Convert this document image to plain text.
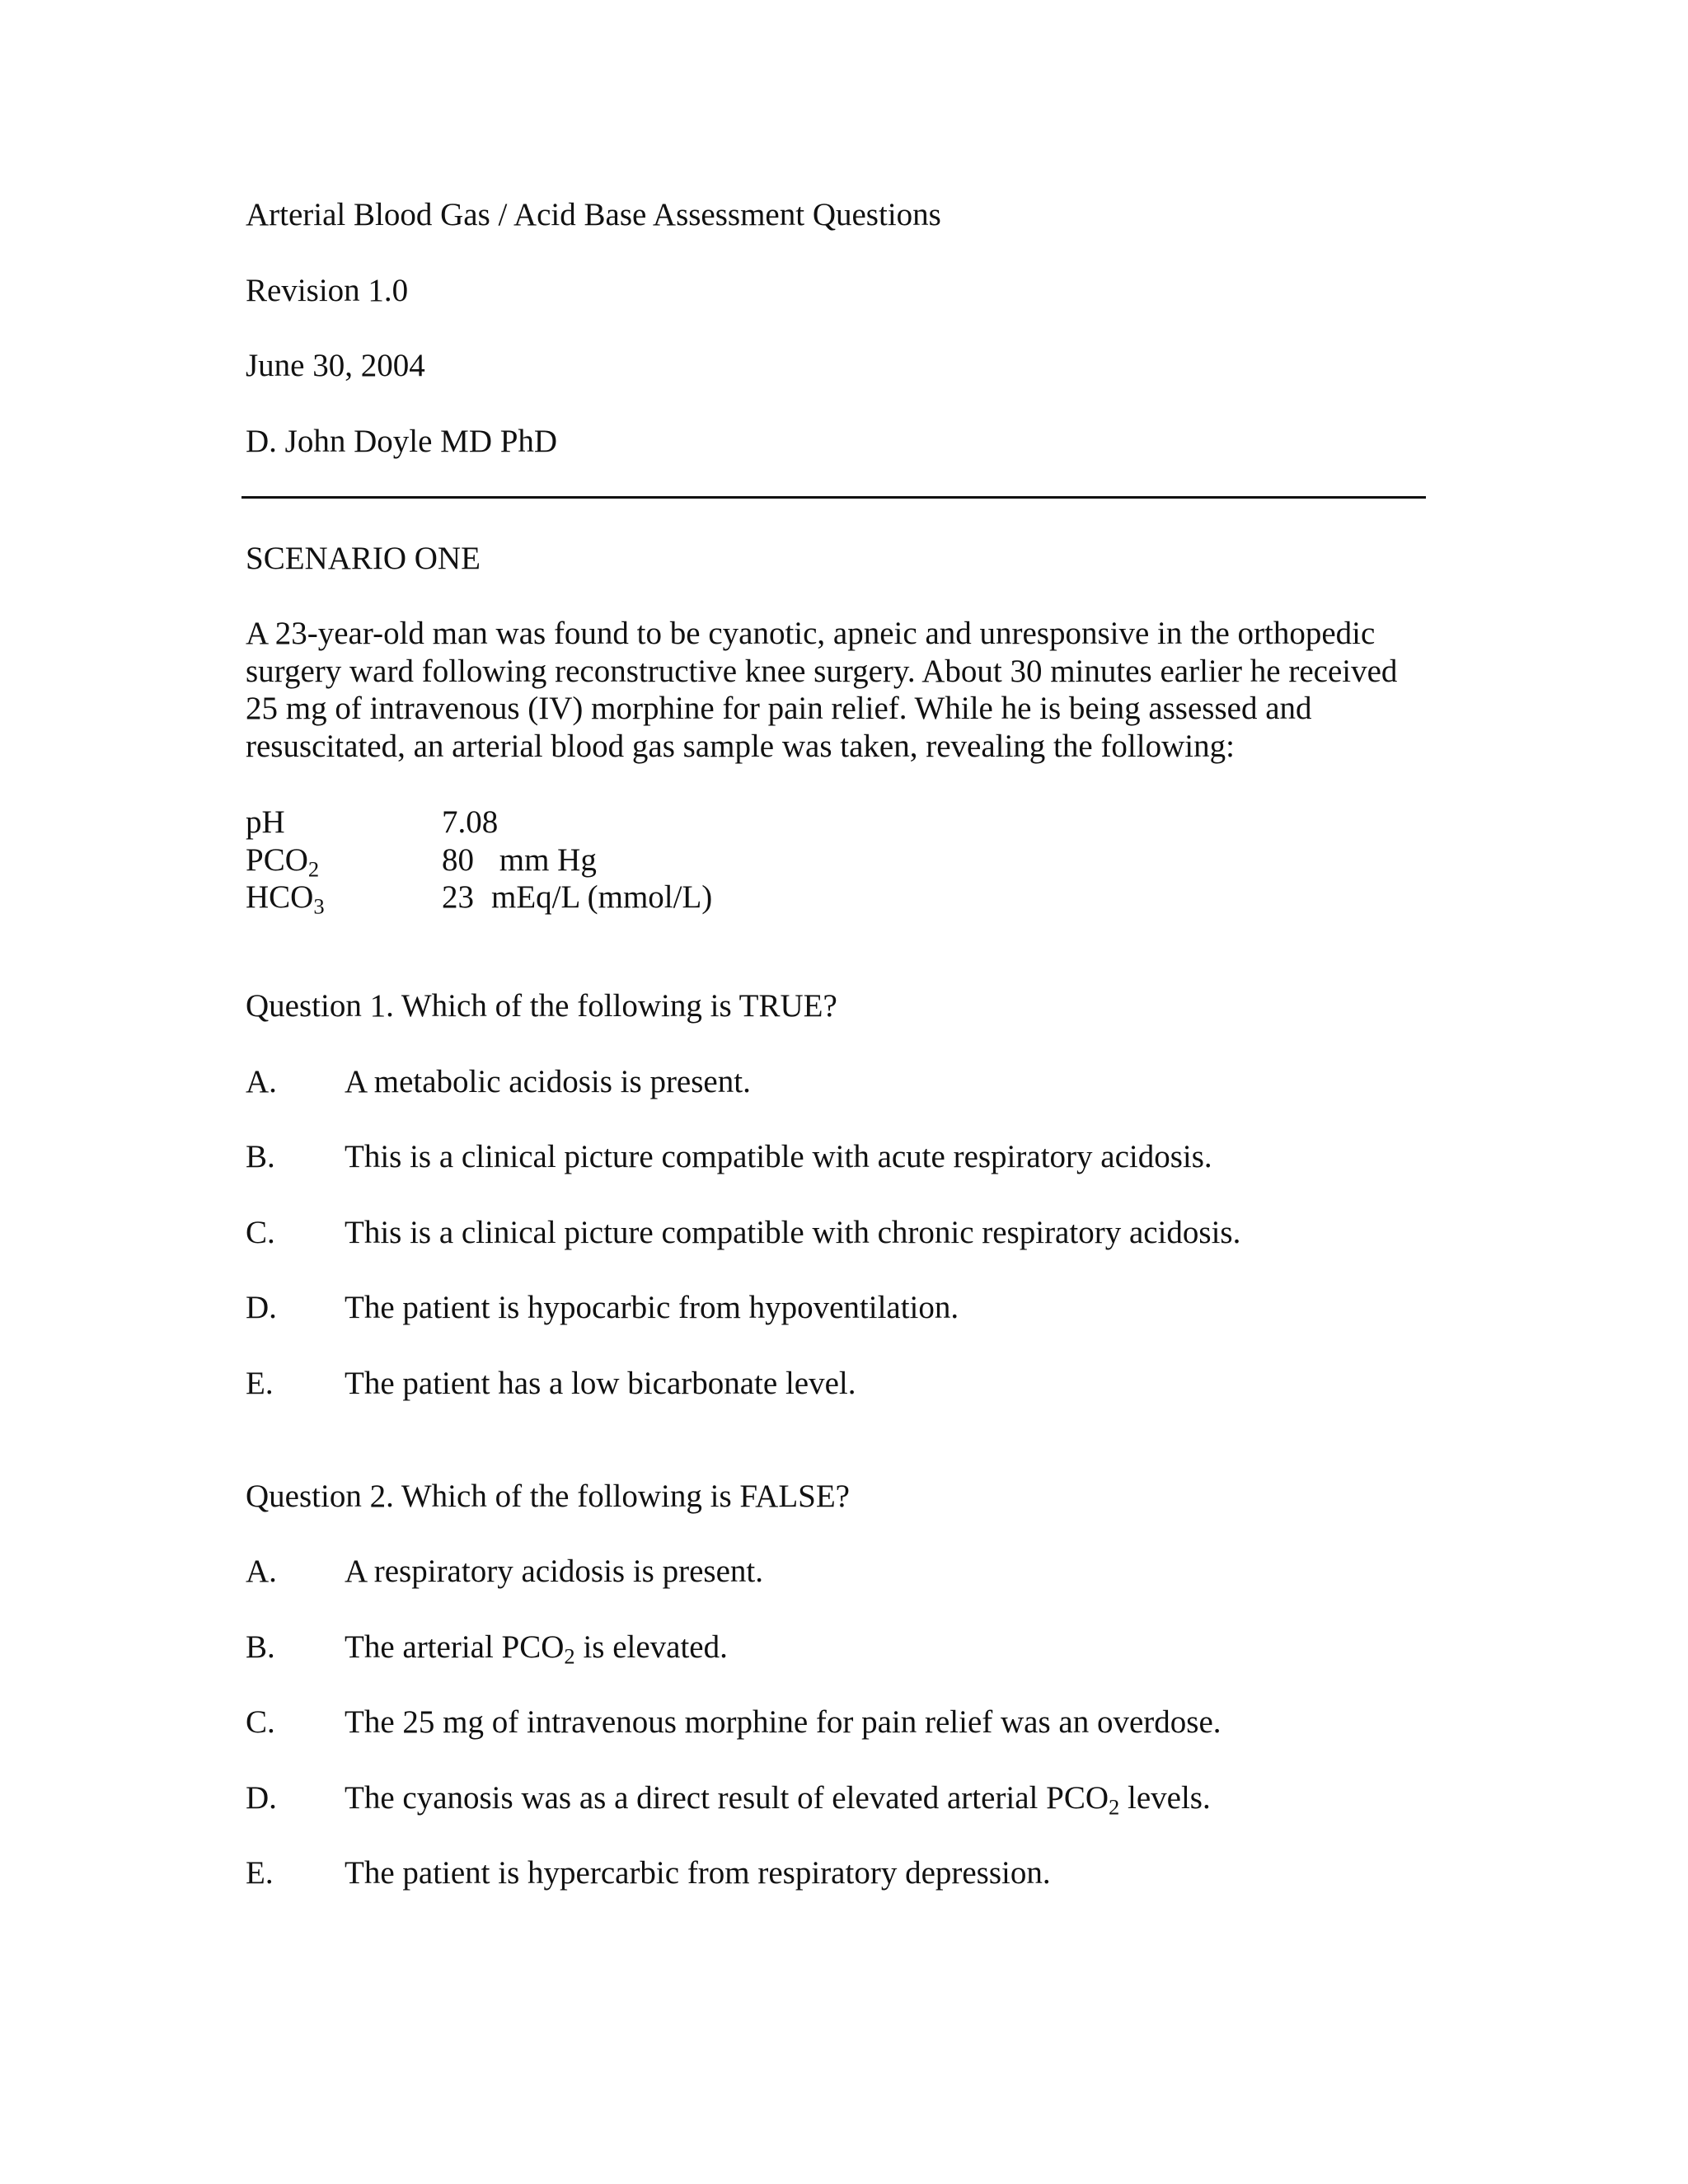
Arterial Blood Gas / Acid Base Assessment Questions
Revision 1.0
June 30, 2004
D. John Doyle MD PhD
SCENARIO ONE
A 23-year-old man was found to be cyanotic, apneic and unresponsive in the orthopedic
surgery ward following reconstructive knee surgery. About 30 minutes earlier he received
25 mg of intravenous (IV) morphine for pain relief. While he is being assessed and
resuscitated, an arterial blood gas sample was taken, revealing the following:
pH	7.08
$PCO_2$	80 mm Hg
$HCO_3$	23 mEq/L (mmol/L)
Question 1. Which of the following is TRUE?
A. A metabolic acidosis is present.
B. This is a clinical picture compatible with acute respiratory acidosis.
C. This is a clinical picture compatible with chronic respiratory acidosis.
D. The patient is hypocarbic from hypoventilation.
E. The patient has a low bicarbonate level.
Question 2. Which of the following is FALSE?
A. A respiratory acidosis is present.
B. The arterial $PCO_2$ is elevated.
C. The 25 mg of intravenous morphine for pain relief was an overdose.
D. The cyanosis was as a direct result of elevated arterial $PCO_2$ levels.
E. The patient is hypercarbic from respiratory depression.
